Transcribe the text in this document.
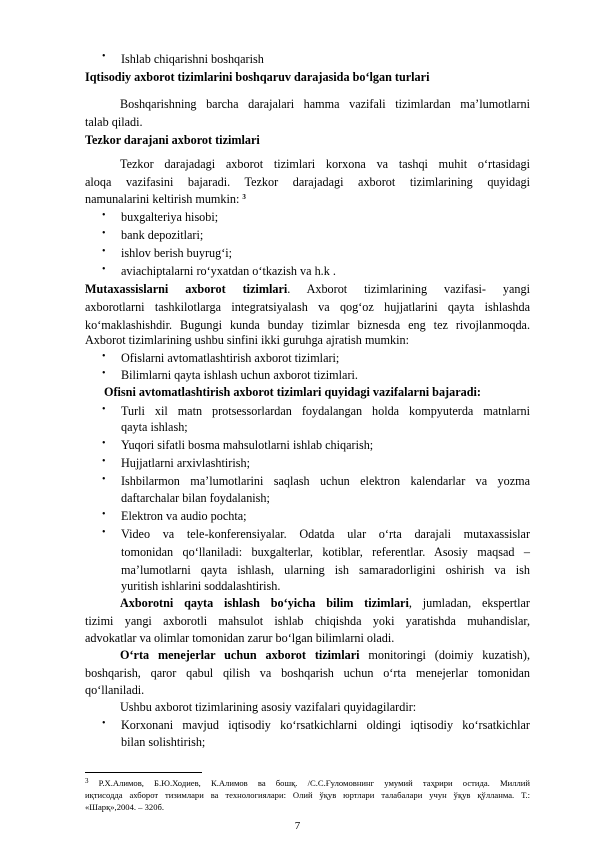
• Ishlab chiqarishni boshqarish
Iqtisodiy axborot tizimlarini boshqaruv darajasida bo‘lgan turlari
Boshqarishning barcha darajalari hamma vazifali tizimlardan ma’lumotlarni
talab qiladi.
Tezkor darajani axborot tizimlari
Tezkor darajadagi axborot tizimlari korxona va tashqi muhit o‘rtasidagi
aloqa vazifasini bajaradi. Tezkor darajadagi axborot tizimlarining quyidagi
namunalarini keltirish mumkin: $^3$
• buxgalteriya hisobi;
• bank depozitlari;
• ishlov berish buyrug‘i;
• aviachiptalarni ro‘yxatdan o‘tkazish va h.k .
Mutaxassislarni axborot tizimlari. Axborot tizimlarining vazifasi- yangi
axborotlarni tashkilotlarga integratsiyalash va qog‘oz hujjatlarini qayta ishlashda
ko‘maklashishdir. Bugungi kunda bunday tizimlar biznesda eng tez rivojlanmoqda.
Axborot tizimlarining ushbu sinfini ikki guruhga ajratish mumkin:
• Ofislarni avtomatlashtirish axborot tizimlari;
• Bilimlarni qayta ishlash uchun axborot tizimlari.
Ofisni avtomatlashtirish axborot tizimlari quyidagi vazifalarni bajaradi:
• Turli xil matn protsessorlardan foydalangan holda kompyuterda matnlarni
qayta ishlash;
• Yuqori sifatli bosma mahsulotlarni ishlab chiqarish;
• Hujjatlarni arxivlashtirish;
• Ishbilarmon ma’lumotlarini saqlash uchun elektron kalendarlar va yozma
daftarchalar bilan foydalanish;
• Elektron va audio pochta;
• Video va tele-konferensiyalar. Odatda ular o‘rta darajali mutaxassislar
tomonidan qo‘llaniladi: buxgalterlar, kotiblar, referentlar. Asosiy maqsad –
ma’lumotlarni qayta ishlash, ularning ish samaradorligini oshirish va ish
yuritish ishlarini soddalashtirish.
Axborotni qayta ishlash bo‘yicha bilim tizimlari, jumladan, ekspertlar
tizimi yangi axborotli mahsulot ishlab chiqishda yoki yaratishda muhandislar,
advokatlar va olimlar tomonidan zarur bo‘lgan bilimlarni oladi.
O‘rta menejerlar uchun axborot tizimlari monitoringi (doimiy kuzatish),
boshqarish, qaror qabul qilish va boshqarish uchun o‘rta menejerlar tomonidan
qo‘llaniladi.
Ushbu axborot tizimlarining asosiy vazifalari quyidagilardir:
• Korxonani mavjud iqtisodiy ko‘rsatkichlarni oldingi iqtisodiy ko‘rsatkichlar
bilan solishtirish;
$^3$ Р.Х.Алимов, Б.Ю.Ходиев, К.Алимов ва бошқ. /С.С.Ғуломовнинг умумий таҳрири остида. Миллий
иқтисодда ахборот тизимлари ва технологиялари: Олий ўқув юртлари талабалари учун ўқув қўлланма. Т.:
«Шарқ»,2004. – 320б.
7
